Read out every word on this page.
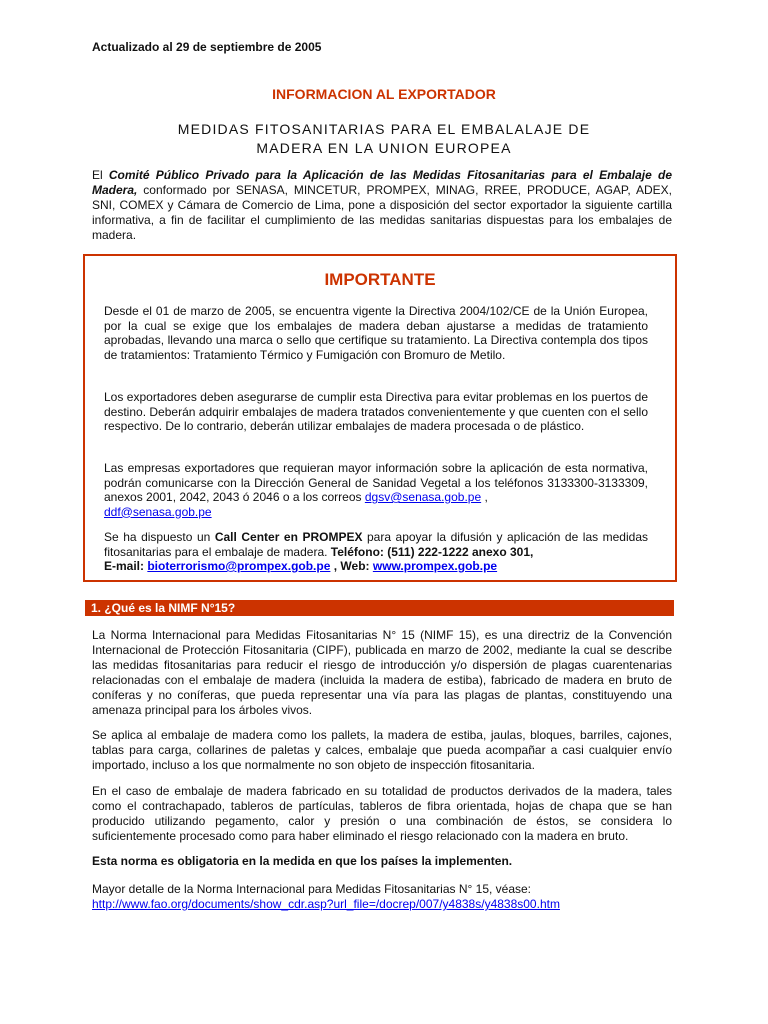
Actualizado al 29 de septiembre de 2005
INFORMACION AL EXPORTADOR
MEDIDAS FITOSANITARIAS PARA EL EMBALALAJE DE
MADERA EN LA UNION EUROPEA
El Comité Público Privado para la Aplicación de las Medidas Fitosanitarias para el Embalaje de Madera, conformado por SENASA, MINCETUR, PROMPEX, MINAG, RREE, PRODUCE, AGAP, ADEX, SNI, COMEX y Cámara de Comercio de Lima, pone a disposición del sector exportador la siguiente cartilla informativa, a fin de facilitar el cumplimiento de las medidas sanitarias dispuestas para los embalajes de madera.
IMPORTANTE
Desde el 01 de marzo de 2005, se encuentra vigente la Directiva 2004/102/CE de la Unión Europea, por la cual se exige que los embalajes de madera deban ajustarse a medidas de tratamiento aprobadas, llevando una marca o sello que certifique su tratamiento. La Directiva contempla dos tipos de tratamientos: Tratamiento Térmico y Fumigación con Bromuro de Metilo.
Los exportadores deben asegurarse de cumplir esta Directiva para evitar problemas en los puertos de destino. Deberán adquirir embalajes de madera tratados convenientemente y que cuenten con el sello respectivo. De lo contrario, deberán utilizar embalajes de madera procesada o de plástico.
Las empresas exportadores que requieran mayor información sobre la aplicación de esta normativa, podrán comunicarse con la Dirección General de Sanidad Vegetal a los teléfonos 3133300-3133309, anexos 2001, 2042, 2043 ó 2046 o a los correos dgsv@senasa.gob.pe ,
ddf@senasa.gob.pe
Se ha dispuesto un Call Center en PROMPEX para apoyar la difusión y aplicación de las medidas fitosanitarias para el embalaje de madera. Teléfono: (511) 222-1222 anexo 301,
E-mail: bioterrorismo@prompex.gob.pe , Web: www.prompex.gob.pe
1. ¿Qué es la NIMF N°15?
La Norma Internacional para Medidas Fitosanitarias N° 15 (NIMF 15), es una directriz de la Convención Internacional de Protección Fitosanitaria (CIPF), publicada en marzo de 2002, mediante la cual se describe las medidas fitosanitarias para reducir el riesgo de introducción y/o dispersión de plagas cuarentenarias relacionadas con el embalaje de madera (incluida la madera de estiba), fabricado de madera en bruto de coníferas y no coníferas, que pueda representar una vía para las plagas de plantas, constituyendo una amenaza principal para los árboles vivos.
Se aplica al embalaje de madera como los pallets, la madera de estiba, jaulas, bloques, barriles, cajones, tablas para carga, collarines de paletas y calces, embalaje que pueda acompañar a casi cualquier envío importado, incluso a los que normalmente no son objeto de inspección fitosanitaria.
En el caso de embalaje de madera fabricado en su totalidad de productos derivados de la madera, tales como el contrachapado, tableros de partículas, tableros de fibra orientada, hojas de chapa que se han producido utilizando pegamento, calor y presión o una combinación de éstos, se considera lo suficientemente procesado como para haber eliminado el riesgo relacionado con la madera en bruto.
Esta norma es obligatoria en la medida en que los países la implementen.
Mayor detalle de la Norma Internacional para Medidas Fitosanitarias N° 15, véase:
http://www.fao.org/documents/show_cdr.asp?url_file=/docrep/007/y4838s/y4838s00.htm
